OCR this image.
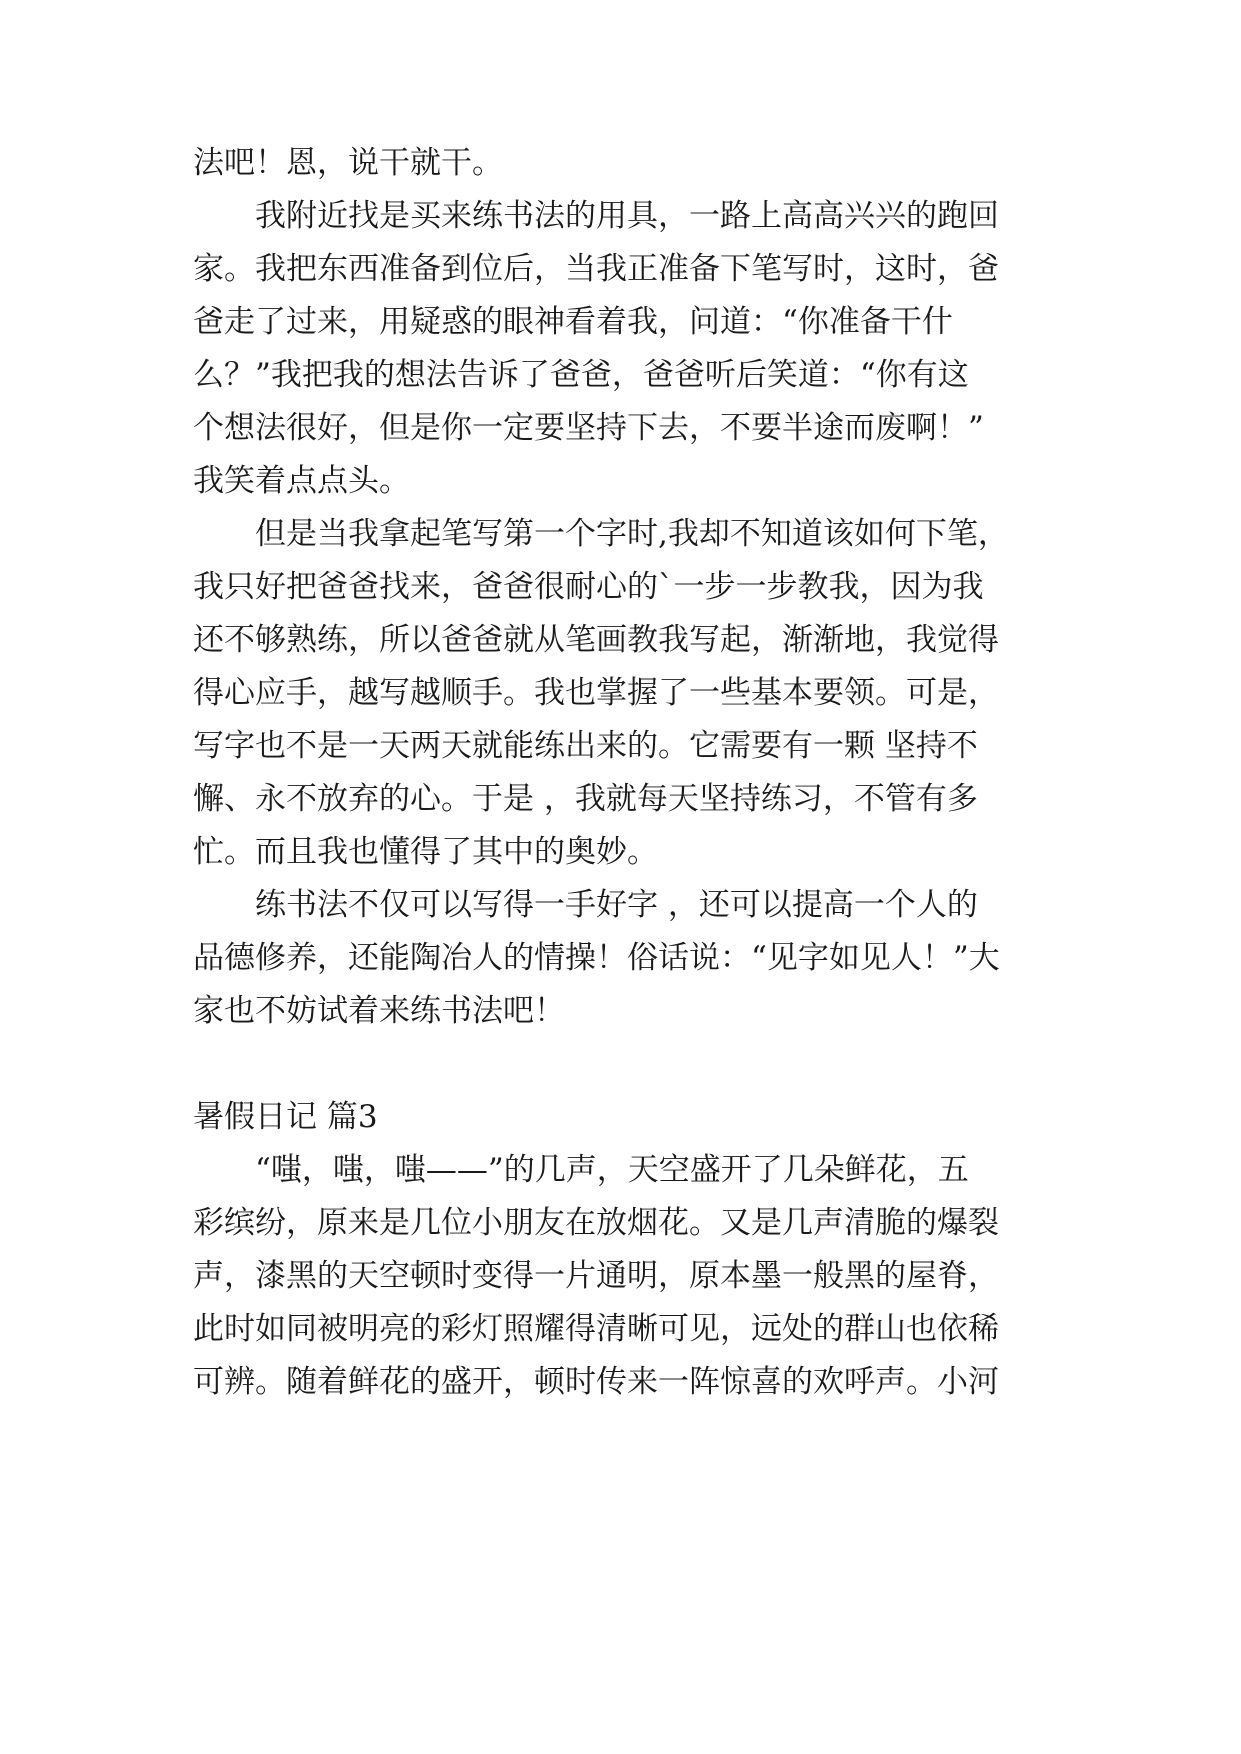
法吧！恩，说干就干。
我附近找是买来练书法的用具，一路上高高兴兴的跑回
家。我把东西准备到位后，当我正准备下笔写时，这时，爸
爸走了过来，用疑惑的眼神看着我，问道：“你准备干什
么？”我把我的想法告诉了爸爸，爸爸听后笑道：“你有这
个想法很好，但是你一定要坚持下去，不要半途而废啊！”
我笑着点点头。
但是当我拿起笔写第一个字时,我却不知道该如何下笔，
我只好把爸爸找来，爸爸很耐心的`一步一步教我，因为我
还不够熟练，所以爸爸就从笔画教我写起，渐渐地，我觉得
得心应手，越写越顺手。我也掌握了一些基本要领。可是，
写字也不是一天两天就能练出来的。它需要有一颗 坚持不
懈、永不放弃的心。于是 ，我就每天坚持练习，不管有多
忙。而且我也懂得了其中的奥妙。
练书法不仅可以写得一手好字 ，还可以提高一个人的
品德修养，还能陶冶人的情操！俗话说：“见字如见人！”大
家也不妨试着来练书法吧！
暑假日记 篇3
“嗤，嗤，嗤——”的几声，天空盛开了几朵鲜花，五
彩缤纷，原来是几位小朋友在放烟花。又是几声清脆的爆裂
声，漆黑的天空顿时变得一片通明，原本墨一般黑的屋脊，
此时如同被明亮的彩灯照耀得清晰可见，远处的群山也依稀
可辨。随着鲜花的盛开，顿时传来一阵惊喜的欢呼声。小河
